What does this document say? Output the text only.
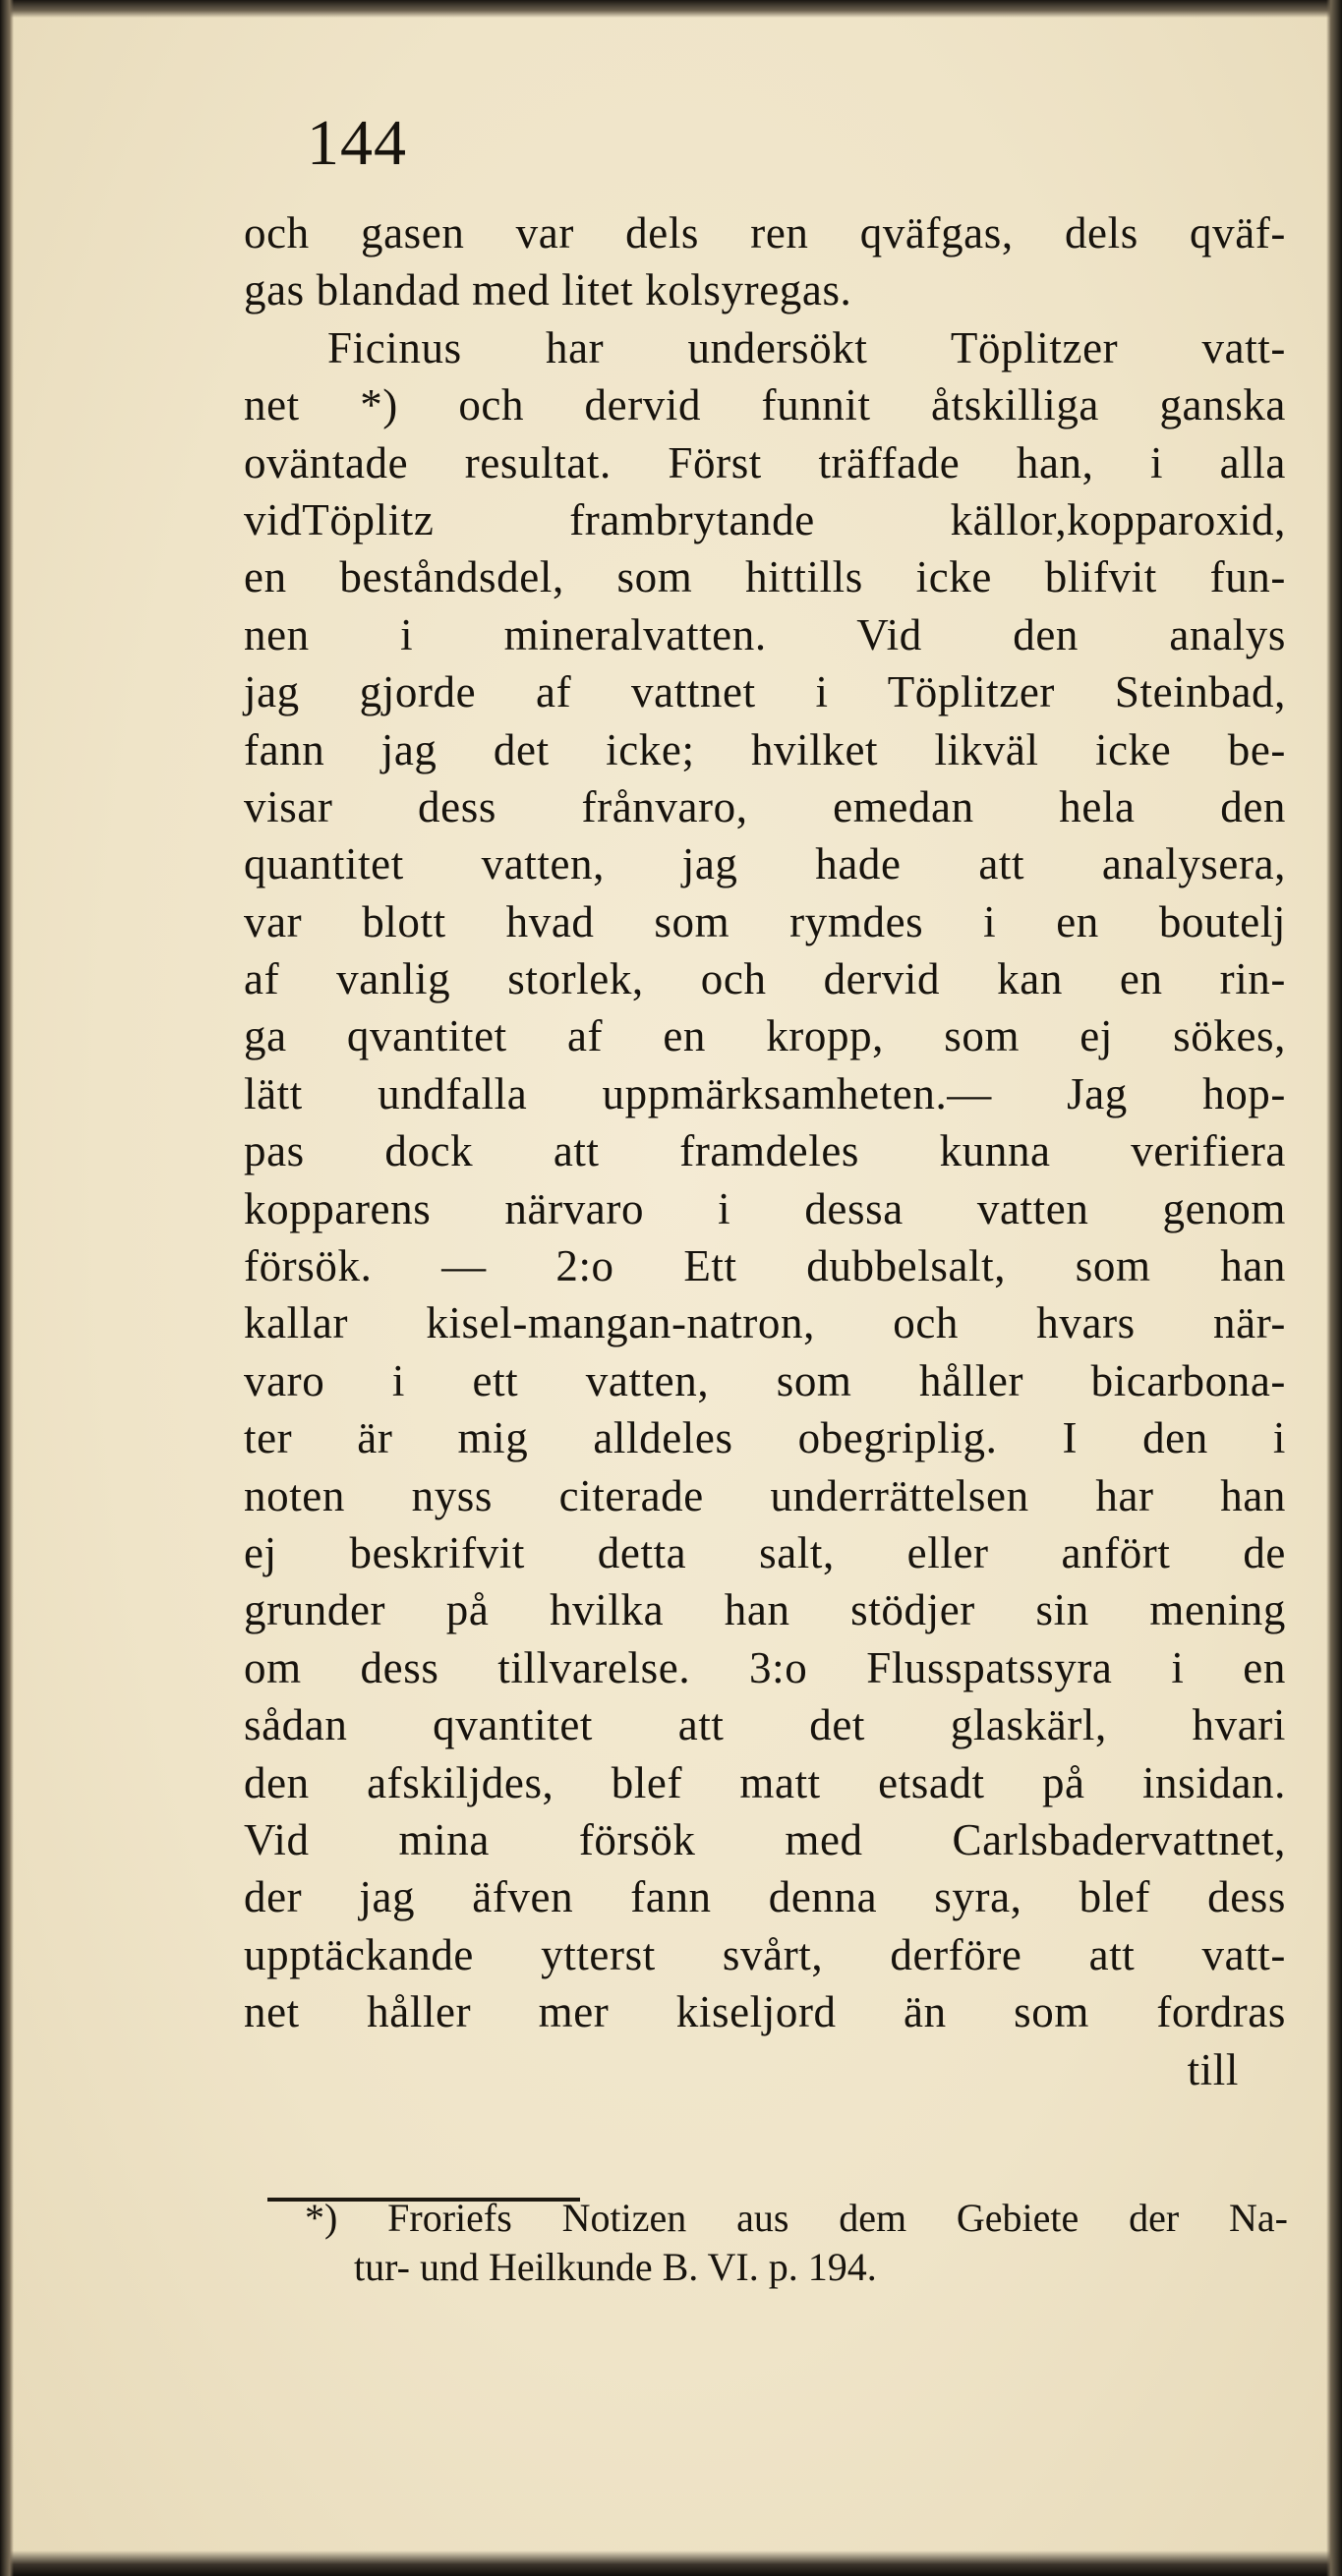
144
och gasen var dels ren qväfgas, dels qväf-
gas blandad med litet kolsyregas.
Ficinus har undersökt Töplitzer vatt-
net *) och dervid funnit åtskilliga ganska
oväntade resultat. Först träffade han, i alla
vidTöplitz frambrytande källor,kopparoxid,
en beståndsdel, som hittills icke blifvit fun-
nen i mineralvatten. Vid den analys
jag gjorde af vattnet i Töplitzer Steinbad,
fann jag det icke; hvilket likväl icke be-
visar dess frånvaro, emedan hela den
quantitet vatten, jag hade att analysera,
var blott hvad som rymdes i en boutelj
af vanlig storlek, och dervid kan en rin-
ga qvantitet af en kropp, som ej sökes,
lätt undfalla uppmärksamheten.— Jag hop-
pas dock att framdeles kunna verifiera
kopparens närvaro i dessa vatten genom
försök. — 2:o Ett dubbelsalt, som han
kallar kisel-mangan-natron, och hvars när-
varo i ett vatten, som håller bicarbona-
ter är mig alldeles obegriplig. I den i
noten nyss citerade underrättelsen har han
ej beskrifvit detta salt, eller anfört de
grunder på hvilka han stödjer sin mening
om dess tillvarelse. 3:o Flusspatssyra i en
sådan qvantitet att det glaskärl, hvari
den afskiljdes, blef matt etsadt på insidan.
Vid mina försök med Carlsbadervattnet,
der jag äfven fann denna syra, blef dess
upptäckande ytterst svårt, derföre att vatt-
net håller mer kiseljord än som fordras
till
*) Froriefs Notizen aus dem Gebiete der Na-
tur- und Heilkunde B. VI. p. 194.
